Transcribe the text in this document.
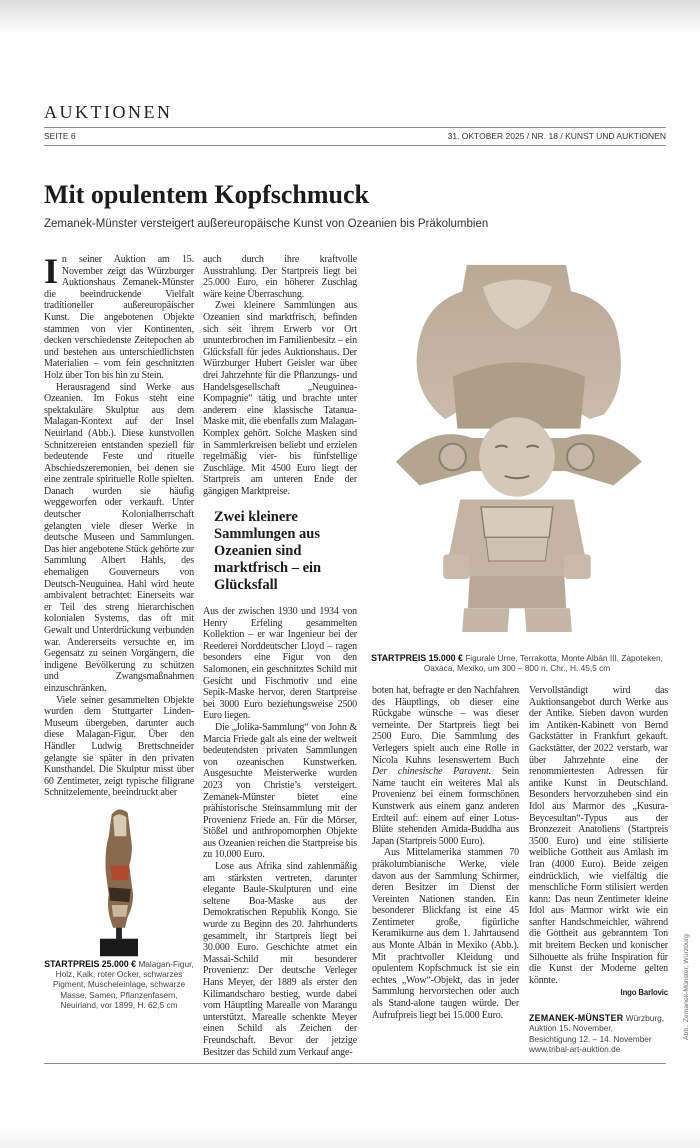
AUKTIONEN
SEITE 6	31. OKTOBER 2025 / NR. 18 / KUNST UND AUKTIONEN
Mit opulentem Kopfschmuck
Zemanek-Münster versteigert außereuropäische Kunst von Ozeanien bis Präkolumbien

In seiner Auktion am 15. November zeigt das Würzburger Auktionshaus Zemanek-Münster die beeindruckende Vielfalt traditioneller außereuropäischer Kunst. Die angebotenen Objekte stammen von vier Kontinenten, decken verschiedenste Zeitepochen ab und bestehen aus unterschiedlichsten Materialien – vom fein geschnitzten Holz über Ton bis hin zu Stein.

Herausragend sind Werke aus Ozeanien. Im Fokus steht eine spektakuläre Skulptur aus dem Malagan-Kontext auf der Insel Neuirland (Abb.). Diese kunstvollen Schnitzereien entstanden speziell für bedeutende Feste und rituelle Abschiedszeremonien, bei denen sie eine zentrale spirituelle Rolle spielten. Danach wurden sie häufig weggeworfen oder verkauft. Unter deutscher Kolonialherrschaft gelangten viele dieser Werke in deutsche Museen und Sammlungen. Das hier angebotene Stück gehörte zur Sammlung Albert Hahls, des ehemaligen Gouverneurs von Deutsch-Neuguinea. Hahl wird heute ambivalent betrachtet: Einerseits war er Teil des streng hierarchischen kolonialen Systems, das oft mit Gewalt und Unterdrückung verbunden war. Andererseits versuchte er, im Gegensatz zu seinen Vorgängern, die indigene Bevölkerung zu schützen und Zwangsmaßnahmen einzuschränken.

Viele seiner gesammelten Objekte wurden dem Stuttgarter Linden-Museum übergeben, darunter auch diese Malagan-Figur. Über den Händler Ludwig Brettschneider gelangte sie später in den privaten Kunsthandel. Die Skulptur misst über 60 Zentimeter, zeigt typische filigrane Schnitzelemente, beeindruckt aber

STARTPREIS 25.000 € Malagan-Figur, Holz, Kalk, roter Ocker, schwarzes Pigment, Muscheleinlage, schwarze Masse, Samen, Pflanzenfasern, Neuirland, vor 1899, H. 62,5 cm

auch durch ihre kraftvolle Ausstrahlung. Der Startpreis liegt bei 25.000 Euro, ein höherer Zuschlag wäre keine Überraschung.

Zwei kleinere Sammlungen aus Ozeanien sind marktfrisch, befinden sich seit ihrem Erwerb vor Ort ununterbrochen im Familienbesitz – ein Glücksfall für jedes Auktionshaus. Der Würzburger Hubert Geisler war über drei Jahrzehnte für die Pflanzungs- und Handelsgesellschaft „Neuguinea-Kompagnie“ tätig und brachte unter anderem eine klassische Tatanua-Maske mit, die ebenfalls zum Malagan-Komplex gehört. Solche Masken sind in Sammlerkreisen beliebt und erzielen regelmäßig vier- bis fünfstellige Zuschläge. Mit 4500 Euro liegt der Startpreis am unteren Ende der gängigen Marktpreise.

Zwei kleinere Sammlungen aus Ozeanien sind marktfrisch – ein Glücksfall

Aus der zwischen 1930 und 1934 von Henry Erfeling gesammelten Kollektion – er war Ingenieur bei der Reederei Norddeutscher Lloyd – ragen besonders eine Figur von den Salomonen, ein geschnitztes Schild mit Gesicht und Fischmotiv und eine Sepik-Maske hervor, deren Startpreise bei 3000 Euro beziehungsweise 2500 Euro liegen.

Die „Jolika-Sammlung“ von John & Marcia Friede galt als eine der weltweit bedeutendsten privaten Sammlungen von ozeanischen Kunstwerken. Ausgesuchte Meisterwerke wurden 2023 von Christie’s versteigert. Zemanek-Münster bietet eine prähistorische Steinsammlung mit der Provenienz Friede an. Für die Mörser, Stößel und anthropomorphen Objekte aus Ozeanien reichen die Startpreise bis zu 10.000 Euro.

Lose aus Afrika sind zahlenmäßig am stärksten vertreten, darunter elegante Baule-Skulpturen und eine seltene Boa-Maske aus der Demokratischen Republik Kongo. Sie wurde zu Beginn des 20. Jahrhunderts gesammelt, ihr Startpreis liegt bei 30.000 Euro. Geschichte atmet ein Massai-Schild mit besonderer Provenienz: Der deutsche Verleger Hans Meyer, der 1889 als erster den Kilimandscharo bestieg, wurde dabei vom Häuptling Marealle von Marangu unterstützt. Marealle schenkte Meyer einen Schild als Zeichen der Freundschaft. Bevor der jetzige Besitzer das Schild zum Verkauf ange-

STARTPREIS 15.000 € Figurale Urne, Terrakotta, Monte Albán III, Zapoteken, Oaxaca, Mexiko, um 300 – 800 n. Chr., H. 45,5 cm

boten hat, befragte er den Nachfahren des Häuptlings, ob dieser eine Rückgabe wünsche – was dieser verneinte. Der Startpreis liegt bei 2500 Euro. Die Sammlung des Verlegers spielt auch eine Rolle in Nicola Kuhns lesenswertem Buch Der chinesische Paravent. Sein Name taucht ein weiteres Mal als Provenienz bei einem formschönen Kunstwerk aus einem ganz anderen Erdteil auf: einem auf einer Lotus-Blüte stehenden Amida-Buddha aus Japan (Startpreis 5000 Euro).

Aus Mittelamerika stammen 70 präkolumbianische Werke, viele davon aus der Sammlung Schirmer, deren Besitzer im Dienst der Vereinten Nationen standen. Ein besonderer Blickfang ist eine 45 Zentimeter große, figürliche Keramikurne aus dem 1. Jahrtausend aus Monte Albán in Mexiko (Abb.). Mit prachtvoller Kleidung und opulentem Kopfschmuck ist sie ein echtes „Wow“-Objekt, das in jeder Sammlung hervorstechen oder auch als Stand-alone taugen würde. Der Aufrufpreis liegt bei 15.000 Euro.

Vervollständigt wird das Auktionsangebot durch Werke aus der Antike. Sieben davon wurden im Antiken-Kabinett von Bernd Gackstätter in Frankfurt gekauft. Gackstätter, der 2022 verstarb, war über Jahrzehnte eine der renommiertesten Adressen für antike Kunst in Deutschland. Besonders hervorzuheben sind ein Idol aus Marmor des „Kusura-Beycesultan“-Typus aus der Bronzezeit Anatoliens (Startpreis 3500 Euro) und eine stilisierte weibliche Gottheit aus Amlash im Iran (4000 Euro). Beide zeigen eindrücklich, wie vielfältig die menschliche Form stilisiert werden kann: Das neun Zentimeter kleine Idol aus Marmor wirkt wie ein sanfter Handschmeichler, während die Gottheit aus gebranntem Ton mit breitem Becken und konischer Silhouette als frühe Inspiration für die Kunst der Moderne gelten könnte.

Ingo Barlovic
ZEMANEK-MÜNSTER Würzburg,
Auktion 15. November,
Besichtigung 12. – 14. November
www.tribal-art-auktion.de
Abb.: Zemanek-Münster, Würzburg
